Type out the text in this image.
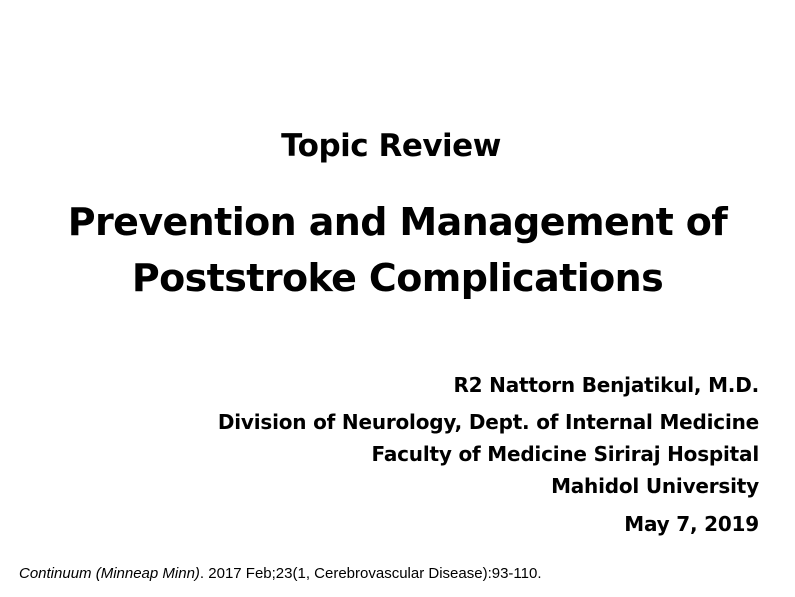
Topic Review
Prevention and Management of
Poststroke Complications
R2 Nattorn Benjatikul, M.D.
Division of Neurology, Dept. of Internal Medicine
Faculty of Medicine Siriraj Hospital
Mahidol University
May 7, 2019
Continuum (Minneap Minn). 2017 Feb;23(1, Cerebrovascular Disease):93-110.
